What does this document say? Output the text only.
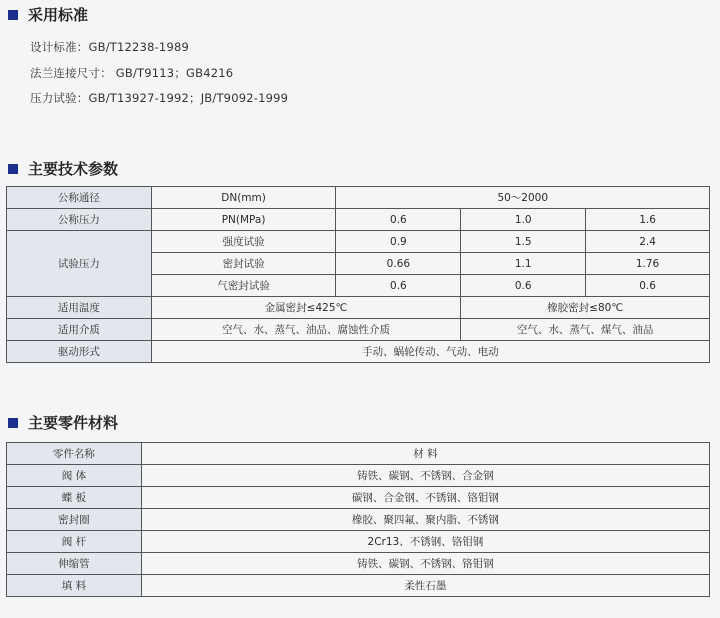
采用标准
设计标准：GB/T12238-1989
法兰连接尺寸： GB/T9113；GB4216
压力试验：GB/T13927-1992；JB/T9092-1999
主要技术参数
公称通径	DN(mm)	50～2000		
公称压力	PN(MPa)	0.6	1.0	1.6
试验压力	强度试验	0.9	1.5	2.4
	密封试验	0.66	1.1	1.76
	气密封试验	0.6	0.6	0.6
适用温度	金属密封≤425℃		橡胶密封≤80℃	
适用介质	空气、水、蒸气、油品、腐蚀性介质		空气、水、蒸气、煤气、油品	
驱动形式	手动、蜗轮传动、气动、电动			
主要零件材料
零件名称	材 料
阀 体	铸铁、碳钢、不锈钢、合金钢
蝶 板	碳钢、合金钢、不锈钢、铬钼钢
密封圈	橡胶、聚四氟、聚内脂、不锈钢
阀 杆	2Cr13、不锈钢、铬钼钢
伸缩管	铸铁、碳钢、不锈钢、铬钼钢
填 料	柔性石墨
